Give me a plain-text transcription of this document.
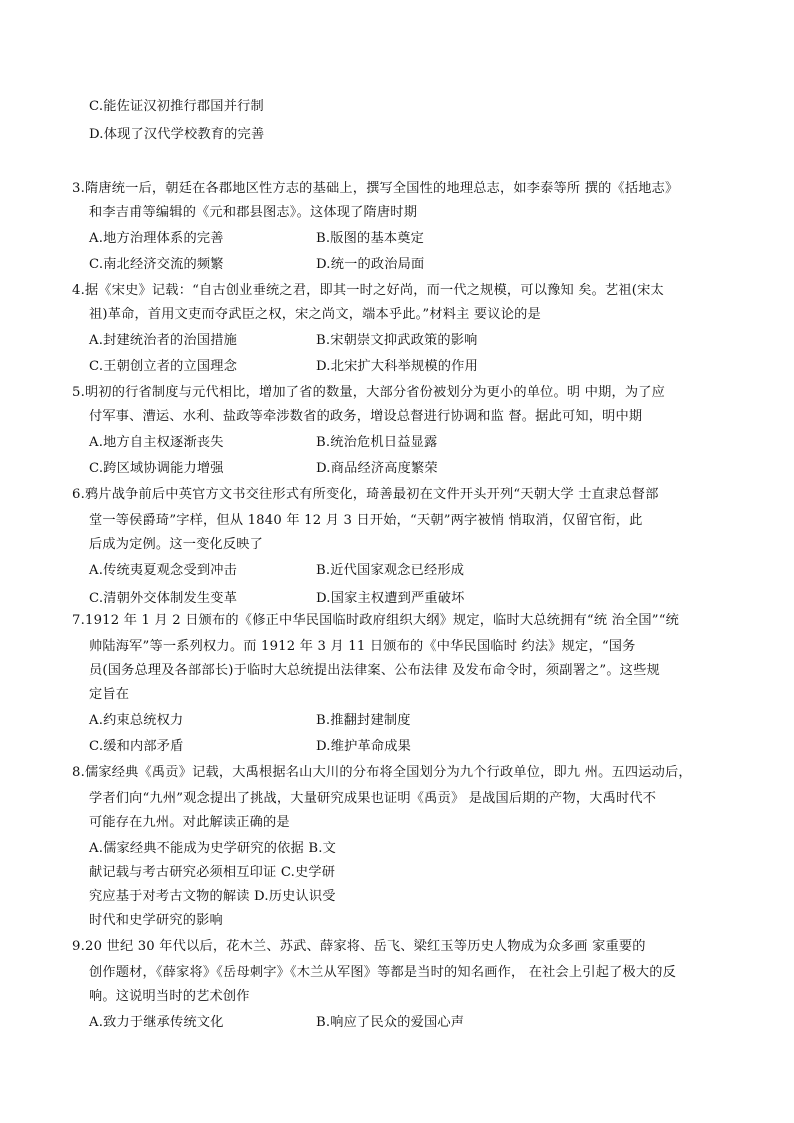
C.能佐证汉初推行郡国并行制
D.体现了汉代学校教育的完善
3.隋唐统一后，朝廷在各郡地区性方志的基础上，撰写全国性的地理总志，如李泰等所 撰的《括地志》
和李吉甫等编辑的《元和郡县图志》。这体现了隋唐时期
A.地方治理体系的完善	B.版图的基本奠定
C.南北经济交流的频繁	D.统一的政治局面
4.据《宋史》记载：“自古创业垂统之君，即其一时之好尚，而一代之规模，可以豫知 矣。艺祖(宋太
祖)革命，首用文吏而夺武臣之权，宋之尚文，端本乎此。”材料主 要议论的是
A.封建统治者的治国措施	B.宋朝崇文抑武政策的影响
C.王朝创立者的立国理念	D.北宋扩大科举规模的作用
5.明初的行省制度与元代相比，增加了省的数量，大部分省份被划分为更小的单位。明 中期，为了应
付军事、漕运、水利、盐政等牵涉数省的政务，增设总督进行协调和监 督。据此可知，明中期
A.地方自主权逐渐丧失	B.统治危机日益显露
C.跨区域协调能力增强	D.商品经济高度繁荣
6.鸦片战争前后中英官方文书交往形式有所变化，琦善最初在文件开头开列“天朝大学 士直隶总督部
堂一等侯爵琦”字样，但从 1840 年 12 月 3 日开始，“天朝”两字被悄 悄取消，仅留官衔，此
后成为定例。这一变化反映了
A.传统夷夏观念受到冲击	B.近代国家观念已经形成
C.清朝外交体制发生变革	D.国家主权遭到严重破坏
7.1912 年 1 月 2 日颁布的《修正中华民国临时政府组织大纲》规定，临时大总统拥有“统 治全国”“统
帅陆海军”等一系列权力。而 1912 年 3 月 11 日颁布的《中华民国临时 约法》规定，“国务
员(国务总理及各部部长)于临时大总统提出法律案、公布法律 及发布命令时，须副署之”。这些规
定旨在
A.约束总统权力	B.推翻封建制度
C.缓和内部矛盾	D.维护革命成果
8.儒家经典《禹贡》记载，大禹根据名山大川的分布将全国划分为九个行政单位，即九 州。五四运动后，
学者们向“九州”观念提出了挑战，大量研究成果也证明《禹贡》 是战国后期的产物，大禹时代不
可能存在九州。对此解读正确的是
A.儒家经典不能成为史学研究的依据 B.文
献记载与考古研究必须相互印证 C.史学研
究应基于对考古文物的解读 D.历史认识受
时代和史学研究的影响
9.20 世纪 30 年代以后，花木兰、苏武、薛家将、岳飞、梁红玉等历史人物成为众多画 家重要的
创作题材，《薛家将》《岳母刺字》《木兰从军图》等都是当时的知名画作， 在社会上引起了极大的反
响。这说明当时的艺术创作
A.致力于继承传统文化	B.响应了民众的爱国心声
